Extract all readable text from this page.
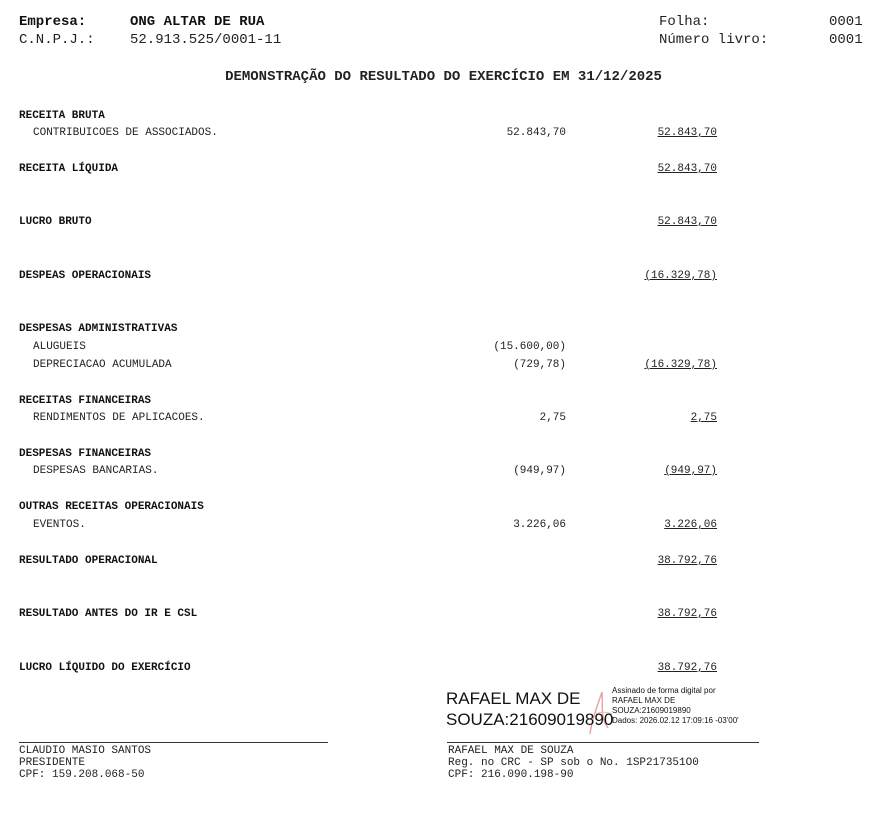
Empresa:	ONG ALTAR DE RUA
C.N.P.J.:	52.913.525/0001-11
Folha:	0001
Número livro:	0001
DEMONSTRAÇÃO DO RESULTADO DO EXERCÍCIO EM 31/12/2025
RECEITA BRUTA
CONTRIBUICOES DE ASSOCIADOS.	52.843,70	52.843,70
RECEITA LÍQUIDA	52.843,70
LUCRO BRUTO	52.843,70
DESPEAS OPERACIONAIS	(16.329,78)
DESPESAS ADMINISTRATIVAS
ALUGUEIS	(15.600,00)
DEPRECIACAO ACUMULADA	(729,78)	(16.329,78)
RECEITAS FINANCEIRAS
RENDIMENTOS DE APLICACOES.	2,75	2,75
DESPESAS FINANCEIRAS
DESPESAS BANCARIAS.	(949,97)	(949,97)
OUTRAS RECEITAS OPERACIONAIS
EVENTOS.	3.226,06	3.226,06
RESULTADO OPERACIONAL	38.792,76
RESULTADO ANTES DO IR E CSL	38.792,76
LUCRO LÍQUIDO DO EXERCÍCIO	38.792,76
RAFAEL MAX DE
SOUZA:21609019890
Assinado de forma digital por
RAFAEL MAX DE
SOUZA:21609019890
Dados: 2026.02.12 17:09:16 -03'00'
CLAUDIO MASIO SANTOS
PRESIDENTE
CPF: 159.208.068-50
RAFAEL MAX DE SOUZA
Reg. no CRC - SP sob o No. 1SP217351O0
CPF: 216.090.198-90
